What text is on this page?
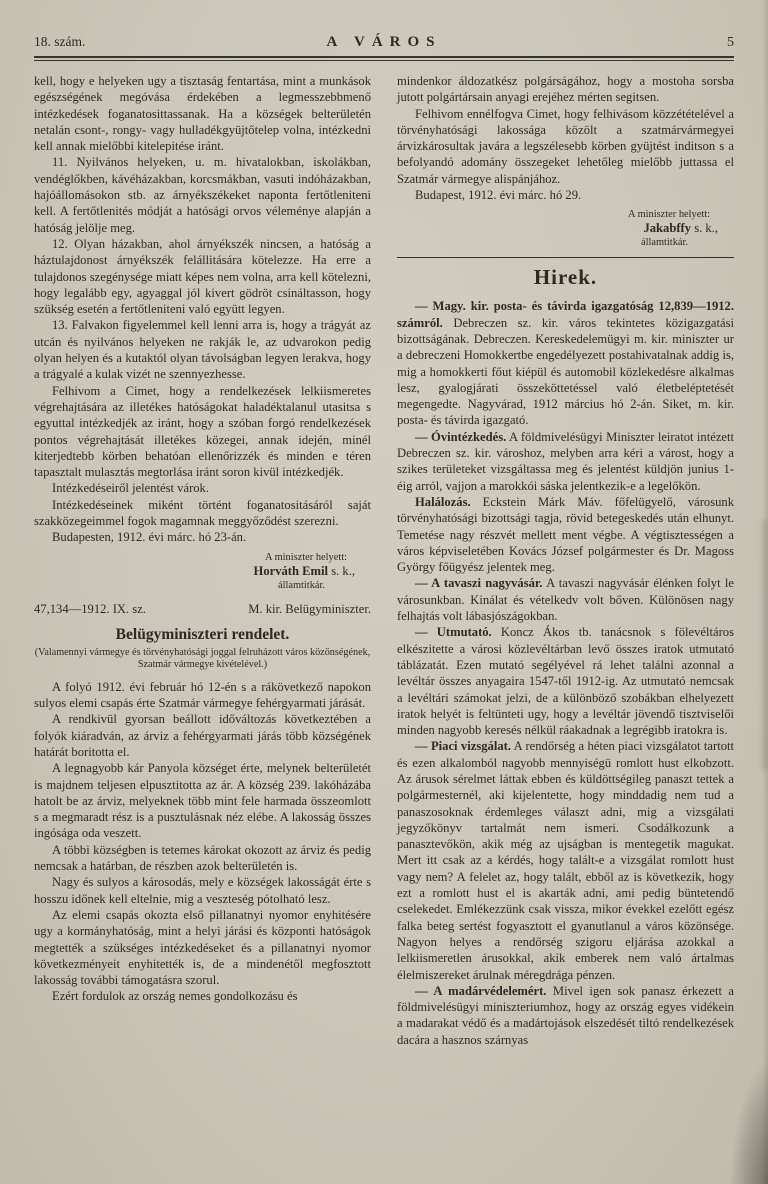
18. szám.	A VÁROS	5

kell, hogy e helyeken ugy a tisztaság fentartása, mint a munkások egészségének megóvása érdekében a legmesszebbmenő intézkedések foganatosittassanak. Ha a községek belterületén netalán csont-, rongy- vagy hulladékgyüjtőtelep volna, intézkedni kell annak mielőbbi kitelepitése iránt.

11. Nyilvános helyeken, u. m. hivatalokban, iskolákban, vendéglőkben, kávéházakban, korcsmákban, vasuti indóházakban, hajóállomásokon stb. az árnyékszékeket naponta fertőtleniteni kell. A fertőtlenités módját a hatósági orvos véleménye alapján a hatóság jelölje meg.

12. Olyan házakban, ahol árnyékszék nincsen, a hatóság a háztulajdonost árnyékszék felállitására kötelezze. Ha erre a tulajdonos szegénysége miatt képes nem volna, arra kell kötelezni, hogy legalább egy, agyaggal jól kivert gödröt csináltasson, hogy szükség esetén a fertőtleniteni való együtt legyen.

13. Falvakon figyelemmel kell lenni arra is, hogy a trágyát az utcán és nyilvános helyeken ne rakják le, az udvarokon pedig olyan helyen és a kutaktól olyan távolságban legyen lerakva, hogy a trágyalé a kulak vizét ne szennyezhesse.

Felhivom a Cimet, hogy a rendelkezések lelkiismeretes végrehajtására az illetékes hatóságokat haladéktalanul utasitsa s egyuttal intézkedjék az iránt, hogy a szóban forgó rendelkezések pontos végrehajtását illetékes közegei, annak idején, minél kiterjedtebb körben behatóan ellenőrizzék és minden e téren tapasztalt mulasztás megtorlása iránt soron kivül intézkedjék.

Intézkedéseiről jelentést várok.

Intézkedéseinek miként történt foganatositásáról saját szakközegeimmel fogok magamnak meggyőződést szerezni.

Budapesten, 1912. évi márc. hó 23-án.

A miniszter helyett:
Horváth Emil s. k.,
államtitkár.
47,134—1912. IX. sz.	M. kir. Belügyminiszter.
Belügyminiszteri rendelet.
(Valamennyi vármegye és törvényhatósági joggal felruházott város közönségének, Szatmár vármegye kivételével.)

A folyó 1912. évi február hó 12-én s a rákövetkező napokon sulyos elemi csapás érte Szatmár vármegye fehérgyarmati járását.

A rendkivül gyorsan beállott időváltozás következtében a folyók kiáradván, az árviz a fehérgyarmati járás több községének határát boritotta el.

A legnagyobb kár Panyola községet érte, melynek belterületét is majdnem teljesen elpusztitotta az ár. A község 239. lakóházába hatolt be az árviz, melyeknek több mint fele harmada összeomlott s a megmaradt rész is a pusztulásnak néz elébe. A lakosság összes ingósága oda veszett.

A többi községben is tetemes károkat okozott az árviz és pedig nemcsak a határban, de részben azok belterületén is.

Nagy és sulyos a károsodás, mely e községek lakosságát érte s hosszu időnek kell eltelnie, mig a veszteség pótolható lesz.

Az elemi csapás okozta első pillanatnyi nyomor enyhitésére ugy a kormányhatóság, mint a helyi járási és központi hatóságok megtették a szükséges intézkedéseket és a pillanatnyi nyomor következményeit enyhitették is, de a mindenétől megfosztott lakosság további támogatásra szorul.

Ezért fordulok az ország nemes gondolkozásu és

mindenkor áldozatkész polgárságához, hogy a mostoha sorsba jutott polgártársain anyagi erejéhez mérten segitsen.

Felhivom ennélfogva Cimet, hogy felhivásom közzétételével a törvényhatósági lakossága közölt a szatmárvármegyei árvizkárosultak javára a legszélesebb körben gyüjtést inditson s a befolyandó adomány összegeket lehetőleg mielőbb juttassa el Szatmár vármegye alispánjához.

Budapest, 1912. évi márc. hó 29.

A miniszter helyett:
Jakabffy s. k.,
államtitkár.
Hirek.

— Magy. kir. posta- és távirda igazgatóság 12,839—1912. számról. Debreczen sz. kir. város tekintetes közigazgatási bizottságának. Debreczen. Kereskedelemügyi m. kir. miniszter ur a debreczeni Homokkertbe engedélyezett postahivatalnak addig is, mig a homokkerti főut kiépül és automobil közlekedésre alkalmas lesz, gyalogjárati összeköttetéssel való életbeléptetését megengedte. Nagyvárad, 1912 március hó 2-án. Siket, m. kir. posta- és távirda igazgató.

— Óvintézkedés. A földmivelésügyi Miniszter leiratot intézett Debreczen sz. kir. városhoz, melyben arra kéri a várost, hogy a szikes területeket vizsgáltassa meg és jelentést küldjön junius 1-éig arról, vajjon a marokkói sáska jelentkezik-e a legelőkön.

Halálozás. Eckstein Márk Máv. főfelügyelő, városunk törvényhatósági bizottsági tagja, rövid betegeskedés után elhunyt. Temetése nagy részvét mellett ment végbe. A végtisztességen a város képviseletében Kovács József polgármester és Dr. Magoss György főügyész jelentek meg.

— A tavaszi nagyvásár. A tavaszi nagyvásár élénken folyt le városunkban. Kinálat és vételkedv volt bőven. Különösen nagy felhajtás volt lábasjószágokban.

— Utmutató. Koncz Ákos tb. tanácsnok s fölevéltáros elkészitette a városi közlevéltárban levő összes iratok utmutató táblázatát. Ezen mutató segélyével rá lehet találni azonnal a levéltár összes anyagaira 1547-től 1912-ig. Az utmutató nemcsak a levéltári számokat jelzi, de a különböző szobákban elhelyezett iratok helyét is feltünteti ugy, hogy a levéltár jövendő tisztviselői minden nagyobb keresés nélkül ráakadnak a legrégibb iratokra is.

— Piaci vizsgálat. A rendőrség a héten piaci vizsgálatot tartott és ezen alkalomból nagyobb mennyiségü romlott hust elkobzott. Az árusok sérelmet láttak ebben és küldöttségileg panaszt tettek a polgármesternél, aki kijelentette, hogy minddadig nem tud a panaszosoknak érdemleges választ adni, mig a vizsgálati jegyzőkönyv tartalmát nem ismeri. Csodálkozunk a panasztevőkön, akik még az ujságban is mentegetik magukat. Mert itt csak az a kérdés, hogy talált-e a vizsgálat romlott hust vagy nem? A felelet az, hogy talált, ebből az is következik, hogy ezt a romlott hust el is akarták adni, ami pedig büntetendő cselekedet. Emlékezzünk csak vissza, mikor évekkel ezelőtt egész falka beteg sertést fogyasztott el gyanutlanul a város közönsége. Nagyon helyes a rendőrség szigoru eljárása azokkal a lelkiismeretlen árusokkal, akik emberek nem való ártalmas élelmiszereket árulnak méregdrága pénzen.

— A madárvédelemért. Mivel igen sok panasz érkezett a földmivelésügyi miniszteriumhoz, hogy az ország egyes vidékein a madarakat védő és a madártojások elszedését tiltó rendelkezések dacára a hasznos szárnyas
